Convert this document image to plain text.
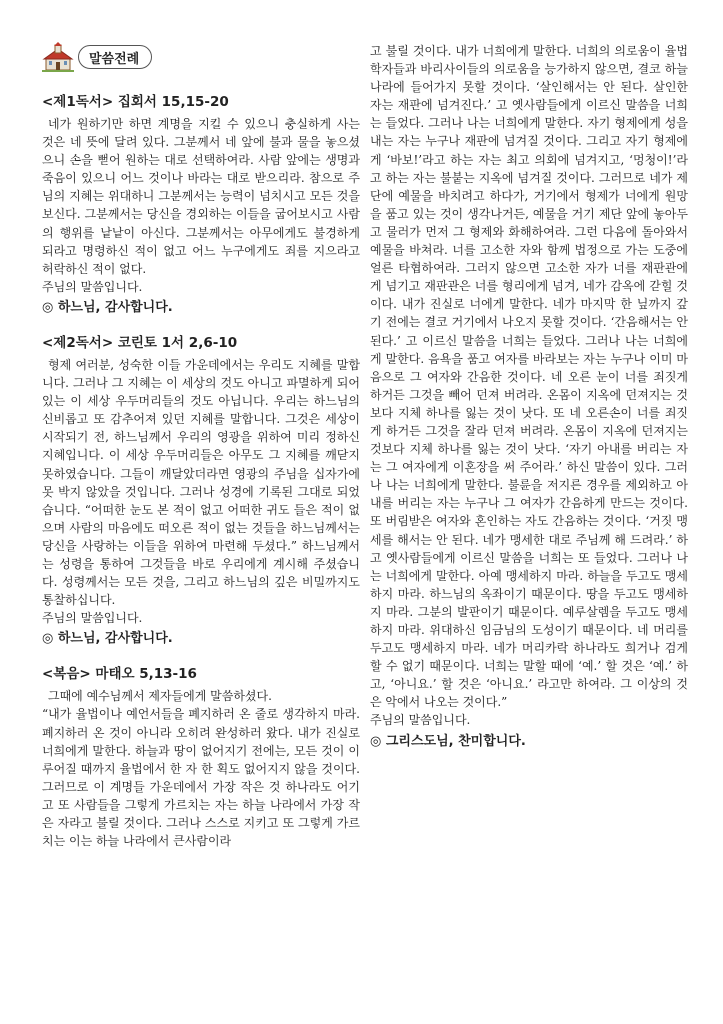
말씀전례
<제1독서> 집회서 15,15-20

네가 원하기만 하면 계명을 지킬 수 있으니 충실하게 사는 것은 네 뜻에 달려 있다. 그분께서 네 앞에 불과 물을 놓으셨으니 손을 뻗어 원하는 대로 선택하여라. 사람 앞에는 생명과 죽음이 있으니 어느 것이나 바라는 대로 받으리라. 참으로 주님의 지혜는 위대하니 그분께서는 능력이 넘치시고 모든 것을 보신다. 그분께서는 당신을 경외하는 이들을 굽어보시고 사람의 행위를 낱낱이 아신다. 그분께서는 아무에게도 불경하게 되라고 명령하신 적이 없고 어느 누구에게도 죄를 지으라고 허락하신 적이 없다.

주님의 말씀입니다.

◎ 하느님, 감사합니다.

<제2독서> 코린토 1서 2,6-10

형제 여러분, 성숙한 이들 가운데에서는 우리도 지혜를 말합니다. 그러나 그 지혜는 이 세상의 것도 아니고 파멸하게 되어 있는 이 세상 우두머리들의 것도 아닙니다. 우리는 하느님의 신비롭고 또 감추어져 있던 지혜를 말합니다. 그것은 세상이 시작되기 전, 하느님께서 우리의 영광을 위하여 미리 정하신 지혜입니다. 이 세상 우두머리들은 아무도 그 지혜를 깨닫지 못하였습니다. 그들이 깨달았더라면 영광의 주님을 십자가에 못 박지 않았을 것입니다. 그러나 성경에 기록된 그대로 되었습니다. “어떠한 눈도 본 적이 없고 어떠한 귀도 들은 적이 없으며 사람의 마음에도 떠오른 적이 없는 것들을 하느님께서는 당신을 사랑하는 이들을 위하여 마련해 두셨다.” 하느님께서는 성령을 통하여 그것들을 바로 우리에게 계시해 주셨습니다. 성령께서는 모든 것을, 그리고 하느님의 깊은 비밀까지도 통찰하십니다.

주님의 말씀입니다.

◎ 하느님, 감사합니다.

<복음> 마태오 5,13-16

그때에 예수님께서 제자들에게 말씀하셨다.

“내가 율법이나 예언서들을 폐지하러 온 줄로 생각하지 마라. 폐지하러 온 것이 아니라 오히려 완성하러 왔다. 내가 진실로 너희에게 말한다. 하늘과 땅이 없어지기 전에는, 모든 것이 이루어질 때까지 율법에서 한 자 한 획도 없어지지 않을 것이다. 그러므로 이 계명들 가운데에서 가장 작은 것 하나라도 어기고 또 사람들을 그렇게 가르치는 자는 하늘 나라에서 가장 작은 자라고 불릴 것이다. 그러나 스스로 지키고 또 그렇게 가르치는 이는 하늘 나라에서 큰사람이라

고 불릴 것이다. 내가 너희에게 말한다. 너희의 의로움이 율법 학자들과 바리사이들의 의로움을 능가하지 않으면, 결코 하늘 나라에 들어가지 못할 것이다. ‘살인해서는 안 된다. 살인한 자는 재판에 넘겨진다.’ 고 옛사람들에게 이르신 말씀을 너희는 들었다. 그러나 나는 너희에게 말한다. 자기 형제에게 성을 내는 자는 누구나 재판에 넘겨질 것이다. 그리고 자기 형제에게 ‘바보!’라고 하는 자는 최고 의회에 넘겨지고, ‘멍청이!’라고 하는 자는 불붙는 지옥에 넘겨질 것이다. 그러므로 네가 제단에 예물을 바치려고 하다가, 거기에서 형제가 너에게 원망을 품고 있는 것이 생각나거든, 예물을 거기 제단 앞에 놓아두고 물러가 먼저 그 형제와 화해하여라. 그런 다음에 돌아와서 예물을 바쳐라. 너를 고소한 자와 함께 법정으로 가는 도중에 얼른 타협하여라. 그러지 않으면 고소한 자가 너를 재판관에게 넘기고 재판관은 너를 형리에게 넘겨, 네가 감옥에 갇힐 것이다. 내가 진실로 너에게 말한다. 네가 마지막 한 닢까지 갚기 전에는 결코 거기에서 나오지 못할 것이다. ‘간음해서는 안 된다.’ 고 이르신 말씀을 너희는 들었다. 그러나 나는 너희에게 말한다. 음욕을 품고 여자를 바라보는 자는 누구나 이미 마음으로 그 여자와 간음한 것이다. 네 오른 눈이 너를 죄짓게 하거든 그것을 빼어 던져 버려라. 온몸이 지옥에 던져지는 것보다 지체 하나를 잃는 것이 낫다. 또 네 오른손이 너를 죄짓게 하거든 그것을 잘라 던져 버려라. 온몸이 지옥에 던져지는 것보다 지체 하나를 잃는 것이 낫다. ‘자기 아내를 버리는 자는 그 여자에게 이혼장을 써 주어라.’ 하신 말씀이 있다. 그러나 나는 너희에게 말한다. 불륜을 저지른 경우를 제외하고 아내를 버리는 자는 누구나 그 여자가 간음하게 만드는 것이다. 또 버림받은 여자와 혼인하는 자도 간음하는 것이다. ‘거짓 맹세를 해서는 안 된다. 네가 맹세한 대로 주님께 해 드려라.’ 하고 옛사람들에게 이르신 말씀을 너희는 또 들었다. 그러나 나는 너희에게 말한다. 아예 맹세하지 마라. 하늘을 두고도 맹세하지 마라. 하느님의 옥좌이기 때문이다. 땅을 두고도 맹세하지 마라. 그분의 발판이기 때문이다. 예루살렘을 두고도 맹세하지 마라. 위대하신 임금님의 도성이기 때문이다. 네 머리를 두고도 맹세하지 마라. 네가 머리카락 하나라도 희거나 검게 할 수 없기 때문이다. 너희는 말할 때에 ‘예.’ 할 것은 ‘예.’ 하고, ‘아니요.’ 할 것은 ‘아니요.’ 라고만 하여라. 그 이상의 것은 악에서 나오는 것이다.”

주님의 말씀입니다.

◎ 그리스도님, 찬미합니다.
